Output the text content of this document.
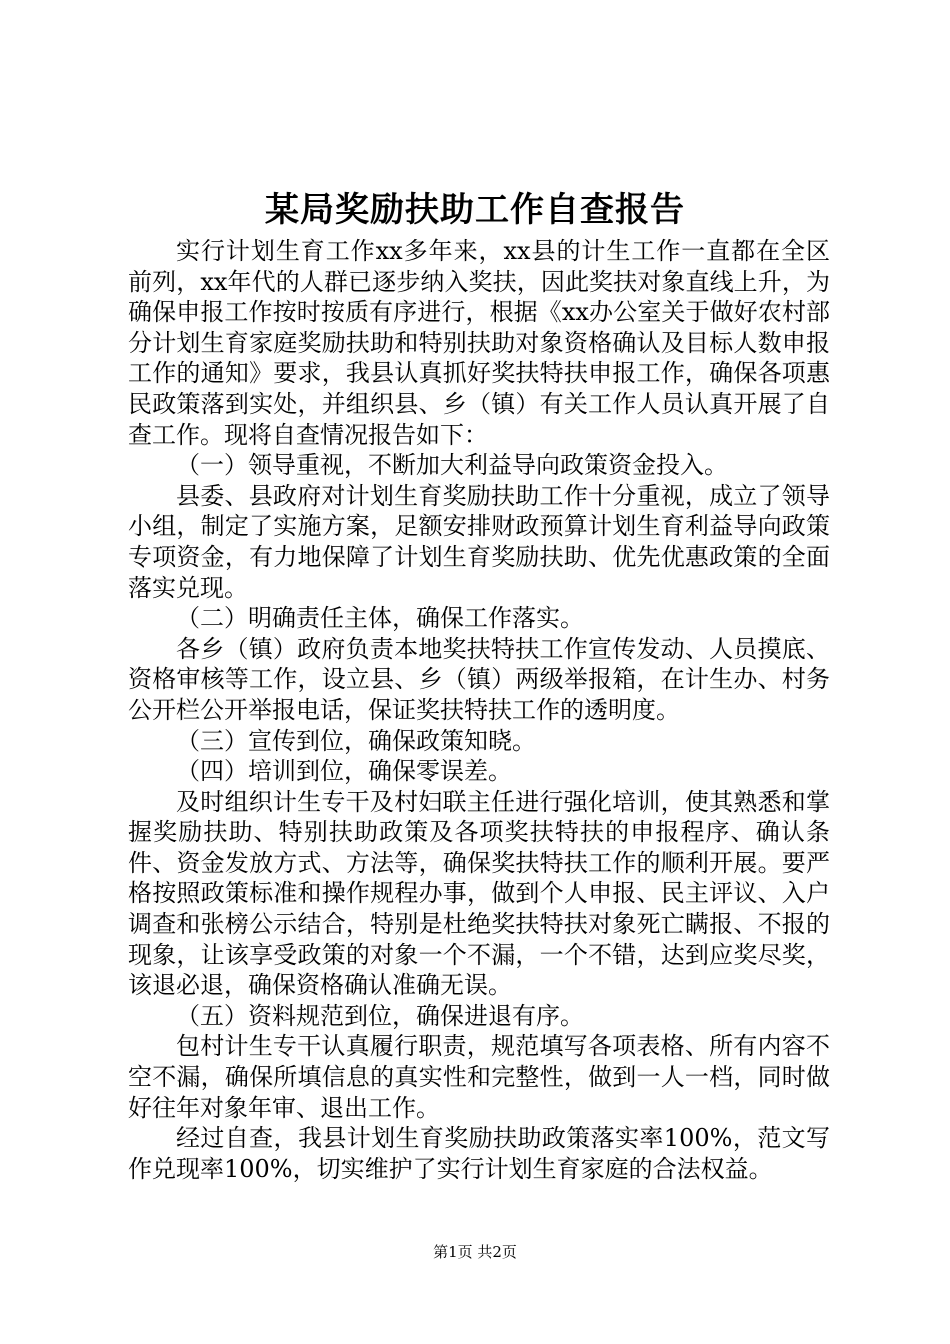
某局奖励扶助工作自查报告

实行计划生育工作xx多年来，xx县的计生工作一直都在全区前列，xx年代的人群已逐步纳入奖扶，因此奖扶对象直线上升，为确保申报工作按时按质有序进行，根据《xx办公室关于做好农村部分计划生育家庭奖励扶助和特别扶助对象资格确认及目标人数申报工作的通知》要求，我县认真抓好奖扶特扶申报工作，确保各项惠民政策落到实处，并组织县、乡（镇）有关工作人员认真开展了自查工作。现将自查情况报告如下：

（一）领导重视，不断加大利益导向政策资金投入。

县委、县政府对计划生育奖励扶助工作十分重视，成立了领导小组，制定了实施方案，足额安排财政预算计划生育利益导向政策专项资金，有力地保障了计划生育奖励扶助、优先优惠政策的全面落实兑现。

（二）明确责任主体，确保工作落实。

各乡（镇）政府负责本地奖扶特扶工作宣传发动、人员摸底、资格审核等工作，设立县、乡（镇）两级举报箱，在计生办、村务公开栏公开举报电话，保证奖扶特扶工作的透明度。

（三）宣传到位，确保政策知晓。

（四）培训到位，确保零误差。

及时组织计生专干及村妇联主任进行强化培训，使其熟悉和掌握奖励扶助、特别扶助政策及各项奖扶特扶的申报程序、确认条件、资金发放方式、方法等，确保奖扶特扶工作的顺利开展。要严格按照政策标准和操作规程办事，做到个人申报、民主评议、入户调查和张榜公示结合，特别是杜绝奖扶特扶对象死亡瞒报、不报的现象，让该享受政策的对象一个不漏，一个不错，达到应奖尽奖，该退必退，确保资格确认准确无误。

（五）资料规范到位，确保进退有序。

包村计生专干认真履行职责，规范填写各项表格、所有内容不空不漏，确保所填信息的真实性和完整性，做到一人一档，同时做好往年对象年审、退出工作。

经过自查，我县计划生育奖励扶助政策落实率100%，范文写作兑现率100%，切实维护了实行计划生育家庭的合法权益。

第1页 共2页
